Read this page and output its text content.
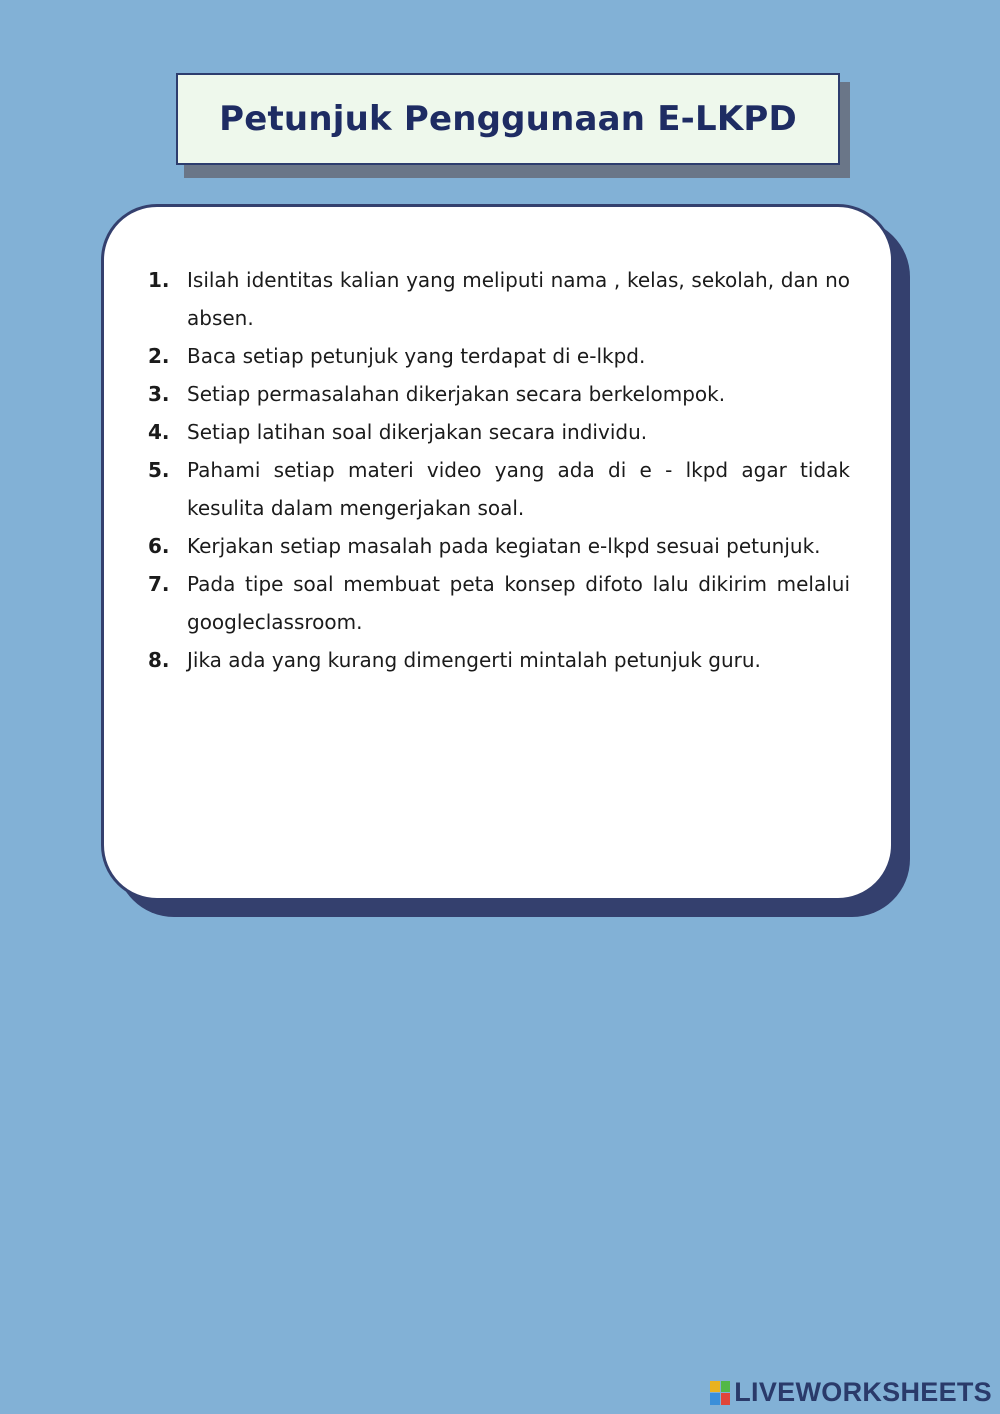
Petunjuk Penggunaan E-LKPD
1. Isilah identitas kalian yang meliputi nama , kelas, sekolah, dan no absen.
2. Baca setiap petunjuk yang terdapat di e-lkpd.
3. Setiap permasalahan dikerjakan secara berkelompok.
4. Setiap latihan soal dikerjakan secara individu.
5. Pahami setiap materi video yang ada di e - lkpd agar tidak kesulita dalam mengerjakan soal.
6. Kerjakan setiap masalah pada kegiatan e-lkpd sesuai petunjuk.
7. Pada tipe soal membuat peta konsep difoto lalu dikirim melalui googleclassroom.
8. Jika ada yang kurang dimengerti mintalah petunjuk guru.
LIVEWORKSHEETS
